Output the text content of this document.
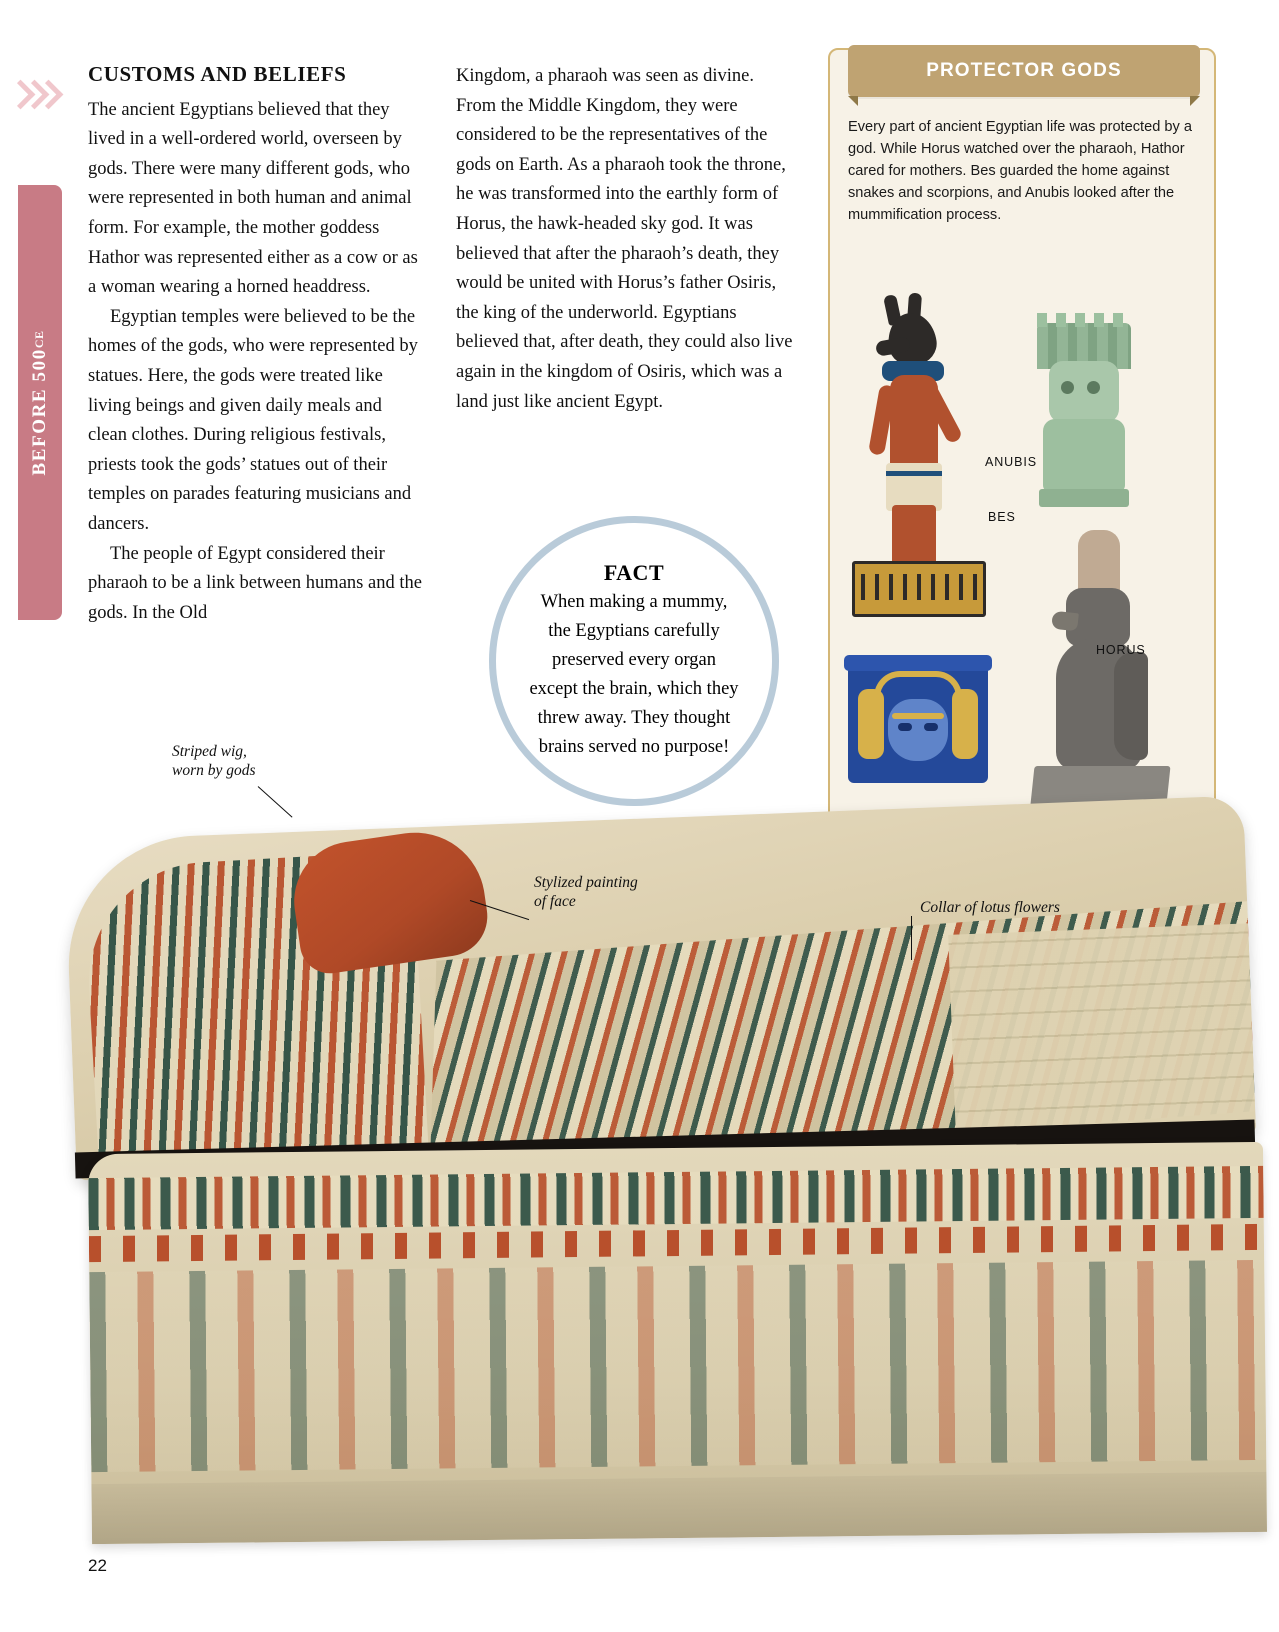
BEFORE 500CE
CUSTOMS AND BELIEFS

The ancient Egyptians believed that they lived in a well-ordered world, overseen by gods. There were many different gods, who were represented in both human and animal form. For example, the mother goddess Hathor was represented either as a cow or as a woman wearing a horned headdress.

Egyptian temples were believed to be the homes of the gods, who were represented by statues. Here, the gods were treated like living beings and given daily meals and clean clothes. During religious festivals, priests took the gods’ statues out of their temples on parades featuring musicians and dancers.

The people of Egypt considered their pharaoh to be a link between humans and the gods. In the Old

Kingdom, a pharaoh was seen as divine. From the Middle Kingdom, they were considered to be the representatives of the gods on Earth. As a pharaoh took the throne, he was transformed into the earthly form of Horus, the hawk-headed sky god. It was believed that after the pharaoh’s death, they would be united with Horus’s father Osiris, the king of the underworld. Egyptians believed that, after death, they could also live again in the kingdom of Osiris, which was a land just like ancient Egypt.

FACT
When making a mummy, the Egyptians carefully preserved every organ except the brain, which they threw away. They thought brains served no purpose!
PROTECTOR GODS
Every part of ancient Egyptian life was protected by a god. While Horus watched over the pharaoh, Hathor cared for mothers. Bes guarded the home against snakes and scorpions, and Anubis looked after the mummification process.
ANUBIS
BES
HORUS
Striped wig,
worn by gods
Stylized painting
of face	Collar of lotus flowers
22
